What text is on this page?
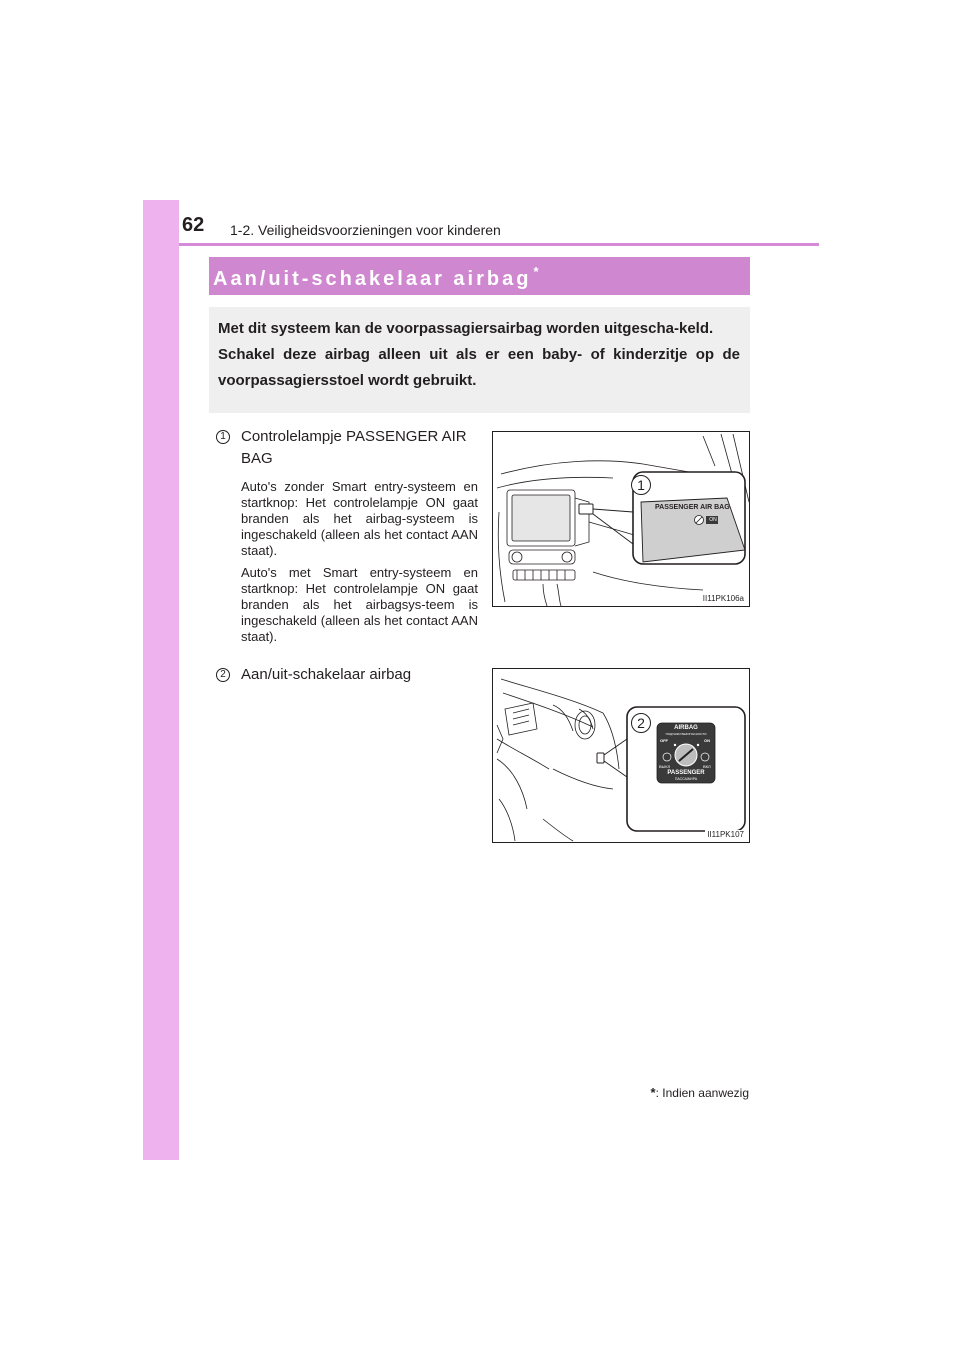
62 1-2. Veiligheidsvoorzieningen voor kinderen
Aan/uit-schakelaar airbag *

Met dit systeem kan de voorpassagiersairbag worden uitgescha-keld.

Schakel deze airbag alleen uit als er een baby- of kinderzitje op de voorpassagiersstoel wordt gebruikt.

1 Controlelampje PASSENGER AIR BAG

Auto's zonder Smart entry-systeem en startknop: Het controlelampje ON gaat branden als het airbag-systeem is ingeschakeld (alleen als het contact AAN staat).

Auto's met Smart entry-systeem en startknop: Het controlelampje ON gaat branden als het airbagsys-teem is ingeschakeld (alleen als het contact AAN staat).

2 Aan/uit-schakelaar airbag
1
PASSENGER AIR BAG
ON
II11PK106a
2	AIRBAG
ПОДУШКИ БЕЗОПАСНОСТИ
OFF	ON
ВЫКЛ	ВКЛ
PASSENGER
ПАССАЖИРА
II11PK107
*: Indien aanwezig
